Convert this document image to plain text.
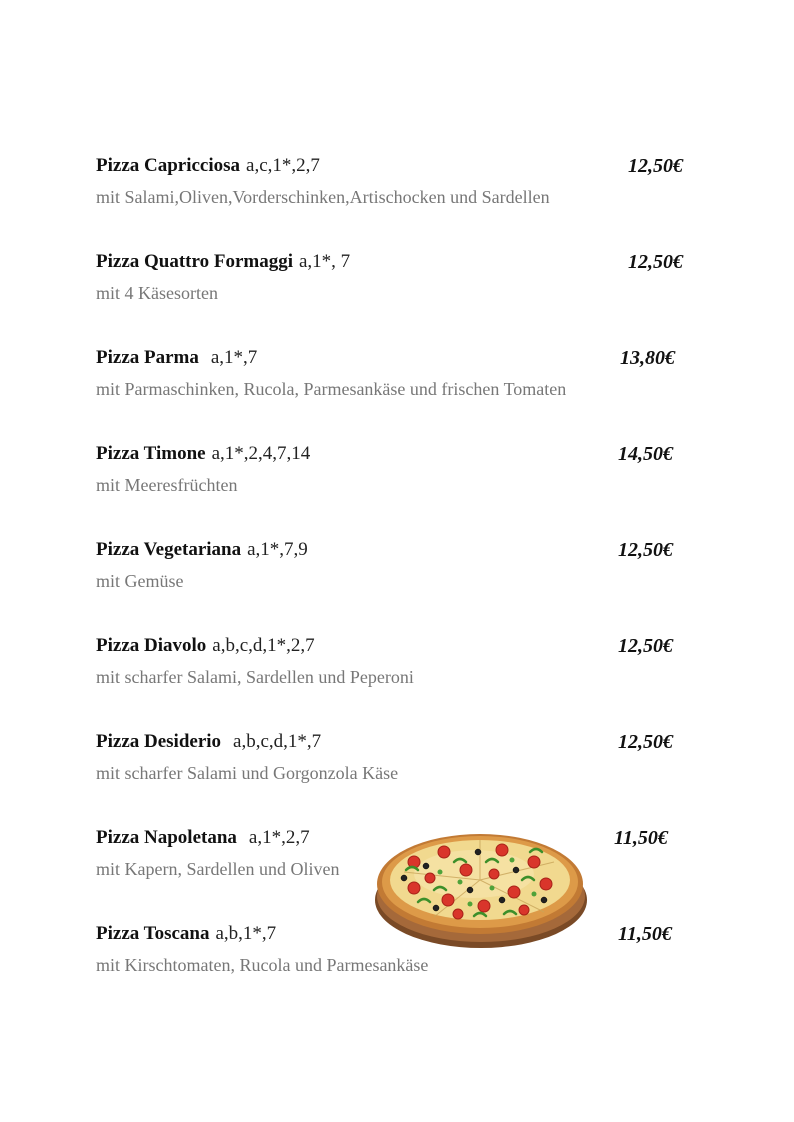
Pizza Capricciosa a,c,1*,2,7	12,50€
mit Salami,Oliven,Vorderschinken,Artischocken und Sardellen
Pizza Quattro Formaggi a,1*, 7	12,50€
mit 4 Käsesorten
Pizza Parma a,1*,7	13,80€
mit Parmaschinken, Rucola, Parmesankäse und frischen Tomaten
Pizza Timone a,1*,2,4,7,14	14,50€
mit Meeresfrüchten
Pizza Vegetariana a,1*,7,9	12,50€
mit Gemüse
Pizza Diavolo a,b,c,d,1*,2,7	12,50€
mit scharfer Salami, Sardellen und Peperoni
Pizza Desiderio a,b,c,d,1*,7	12,50€
mit scharfer Salami und Gorgonzola Käse
Pizza Napoletana a,1*,2,7	11,50€
mit Kapern, Sardellen und Oliven
Pizza Toscana a,b,1*,7	11,50€
mit Kirschtomaten, Rucola und Parmesankäse
